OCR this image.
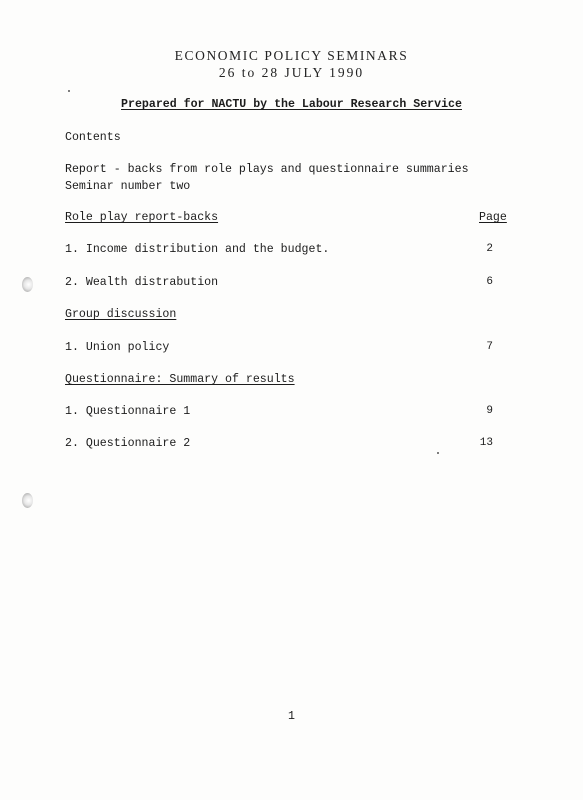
ECONOMIC POLICY SEMINARS
26 to 28 JULY 1990
Prepared for NACTU by the Labour Research Service
Contents
Report - backs from role plays and questionnaire summaries
Seminar number two
Role play report-backs	Page
1. Income distribution and the budget.	2
2. Wealth distrabution	6
Group discussion
1. Union policy	7
Questionnaire: Summary of results
1. Questionnaire 1	9
2. Questionnaire 2	13
1
